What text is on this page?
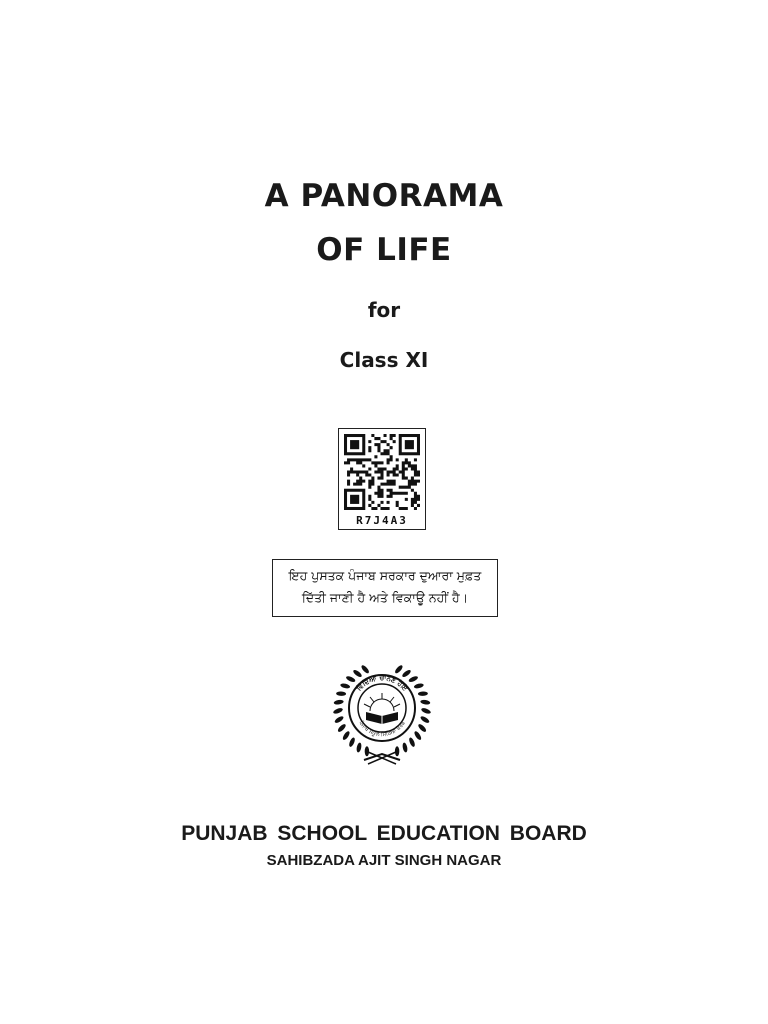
A PANORAMA
OF LIFE
for
Class XI
R7J4A3
ਇਹ ਪੁਸਤਕ ਪੰਜਾਬ ਸਰਕਾਰ ਦੁਆਰਾ ਮੁਫ਼ਤ
ਦਿੱਤੀ ਜਾਣੀ ਹੈ ਅਤੇ ਵਿਕਾਊ ਨਹੀਂ ਹੈ।
ਵਿੱਦਿਆ ਚਾਨਣ ਹੋਇ
ਪੰਜਾਬ ਸਕੂਲ ਸਿੱਖਿਆ ਬੋਰਡ
PUNJAB SCHOOL EDUCATION BOARD
SAHIBZADA AJIT SINGH NAGAR
